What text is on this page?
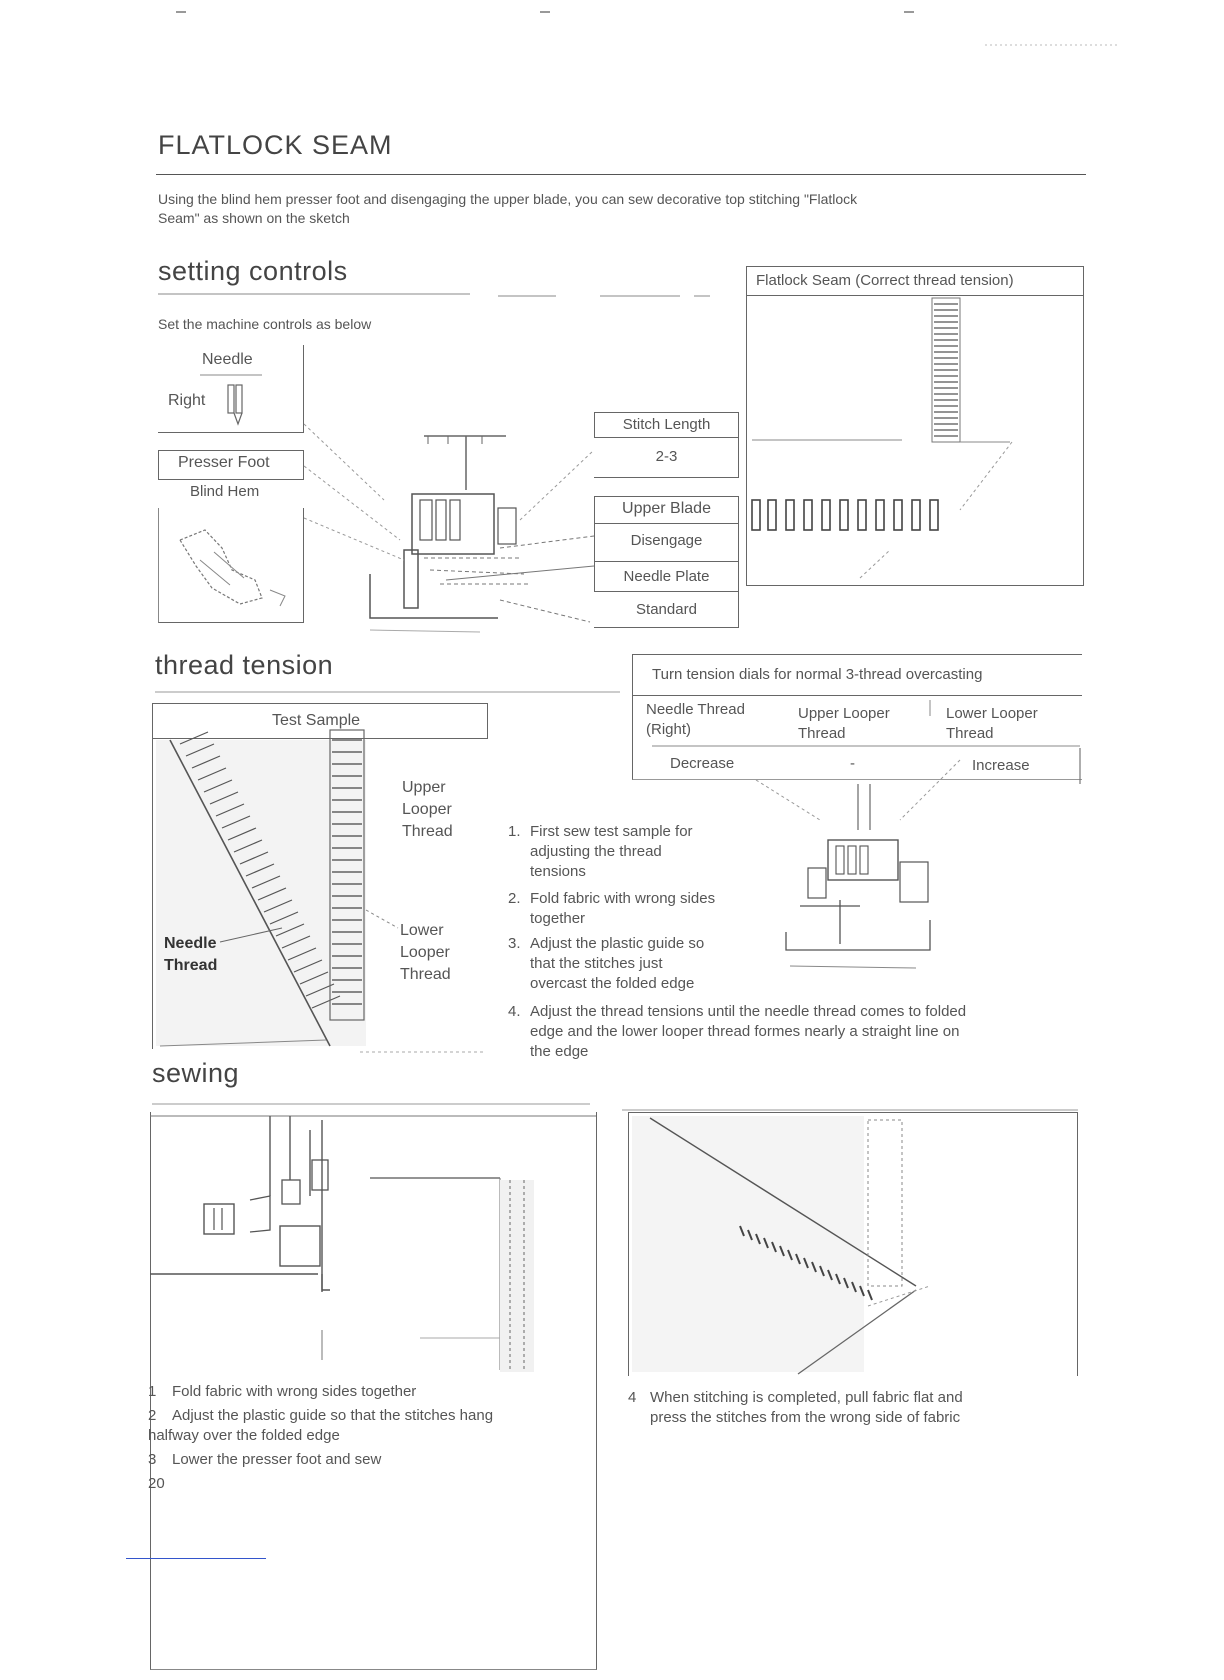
FLATLOCK SEAM
Using the blind hem presser foot and disengaging the upper blade, you can sew decorative top stitching "Flatlock
Seam" as shown on the sketch
setting controls
Set the machine controls as below
Needle
Right
Presser Foot
Blind Hem
Stitch Length
2-3
Upper Blade
Disengage
Needle Plate
Standard
Flatlock Seam (Correct thread tension)
thread tension
Test Sample
Upper
Looper
Thread
Lower
Looper
Thread
Needle
Thread
Turn tension dials for normal 3-thread overcasting
Needle Thread
(Right)
Upper Looper
Thread
Lower Looper
Thread
Decrease	-	Increase
1. First sew test sample for
adjusting the thread
tensions
2. Fold fabric with wrong sides
together
3. Adjust the plastic guide so
that the stitches just
overcast the folded edge
4. Adjust the thread tensions until the needle thread comes to folded
edge and the lower looper thread formes nearly a straight line on
the edge
sewing
1 Fold fabric with wrong sides together
2 Adjust the plastic guide so that the stitches hang
halfway over the folded edge
3 Lower the presser foot and sew
4 When stitching is completed, pull fabric flat and
press the stitches from the wrong side of fabric
20
